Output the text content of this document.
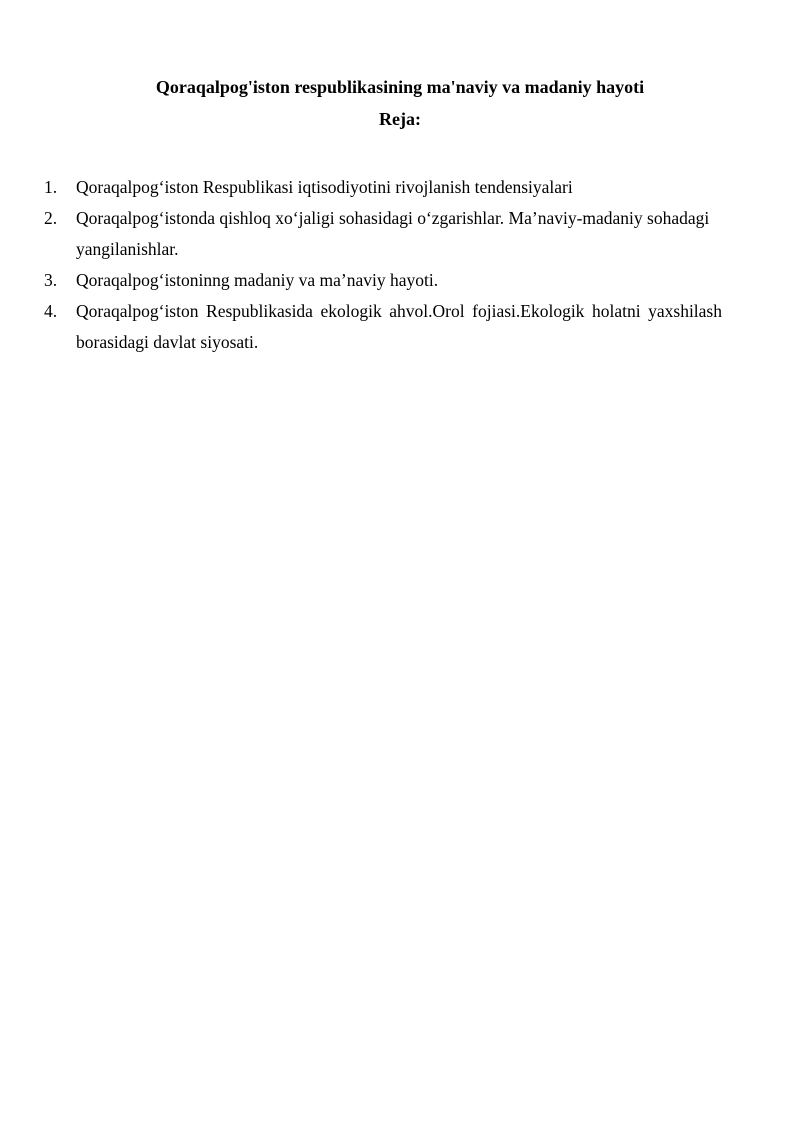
Qoraqalpog'iston respublikasining ma'naviy va madaniy hayoti
Reja:
1. Qoraqalpog‘iston Respublikasi iqtisodiyotini rivojlanish tendensiyalari
2. Qoraqalpog‘istonda qishloq xo‘jaligi sohasidagi o‘zgarishlar. Ma’naviy-madaniy sohadagi yangilanishlar.
3. Qoraqalpog‘istoninng madaniy va ma’naviy hayoti.
4. Qoraqalpog‘iston Respublikasida ekologik ahvol.Orol fojiasi.Ekologik holatni yaxshilash borasidagi davlat siyosati.
